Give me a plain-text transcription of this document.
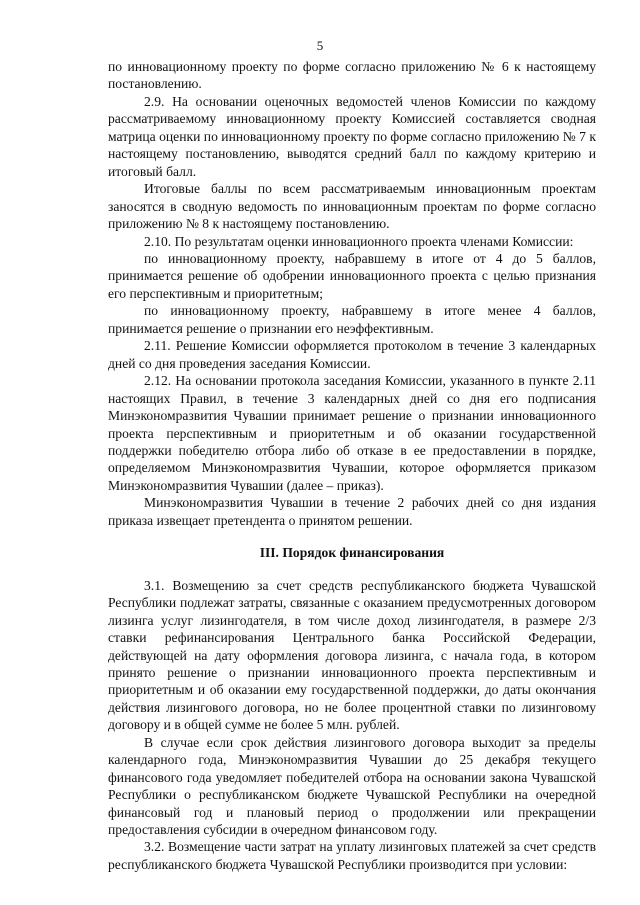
5

по инновационному проекту по форме согласно приложению № 6 к настоящему постановлению.

2.9. На основании оценочных ведомостей членов Комиссии по каждому рассматриваемому инновационному проекту Комиссией составляется сводная матрица оценки по инновационному проекту по форме согласно приложению № 7 к настоящему постановлению, выводятся средний балл по каждому критерию и итоговый балл.

Итоговые баллы по всем рассматриваемым инновационным проектам заносятся в сводную ведомость по инновационным проектам по форме согласно приложению № 8 к настоящему постановлению.

2.10. По результатам оценки инновационного проекта членами Комиссии:

по инновационному проекту, набравшему в итоге от 4 до 5 баллов, принимается решение об одобрении инновационного проекта с целью признания его перспективным и приоритетным;

по инновационному проекту, набравшему в итоге менее 4 баллов, принимается решение о признании его неэффективным.

2.11. Решение Комиссии оформляется протоколом в течение 3 календарных дней со дня проведения заседания Комиссии.

2.12. На основании протокола заседания Комиссии, указанного в пункте 2.11 настоящих Правил, в течение 3 календарных дней со дня его подписания Минэкономразвития Чувашии принимает решение о признании инновационного проекта перспективным и приоритетным и об оказании государственной поддержки победителю отбора либо об отказе в ее предоставлении в порядке, определяемом Минэкономразвития Чувашии, которое оформляется приказом Минэкономразвития Чувашии (далее – приказ).

Минэкономразвития Чувашии в течение 2 рабочих дней со дня издания приказа извещает претендента о принятом решении.

III. Порядок финансирования

3.1. Возмещению за счет средств республиканского бюджета Чувашской Республики подлежат затраты, связанные с оказанием предусмотренных договором лизинга услуг лизингодателя, в том числе доход лизингодателя, в размере 2/3 ставки рефинансирования Центрального банка Российской Федерации, действующей на дату оформления договора лизинга, с начала года, в котором принято решение о признании инновационного проекта перспективным и приоритетным и об оказании ему государственной поддержки, до даты окончания действия лизингового договора, но не более процентной ставки по лизинговому договору и в общей сумме не более 5 млн. рублей.

В случае если срок действия лизингового договора выходит за пределы календарного года, Минэкономразвития Чувашии до 25 декабря текущего финансового года уведомляет победителей отбора на основании закона Чувашской Республики о республиканском бюджете Чувашской Республики на очередной финансовый год и плановый период о продолжении или прекращении предоставления субсидии в очередном финансовом году.

3.2. Возмещение части затрат на уплату лизинговых платежей за счет средств республиканского бюджета Чувашской Республики производится при условии:
